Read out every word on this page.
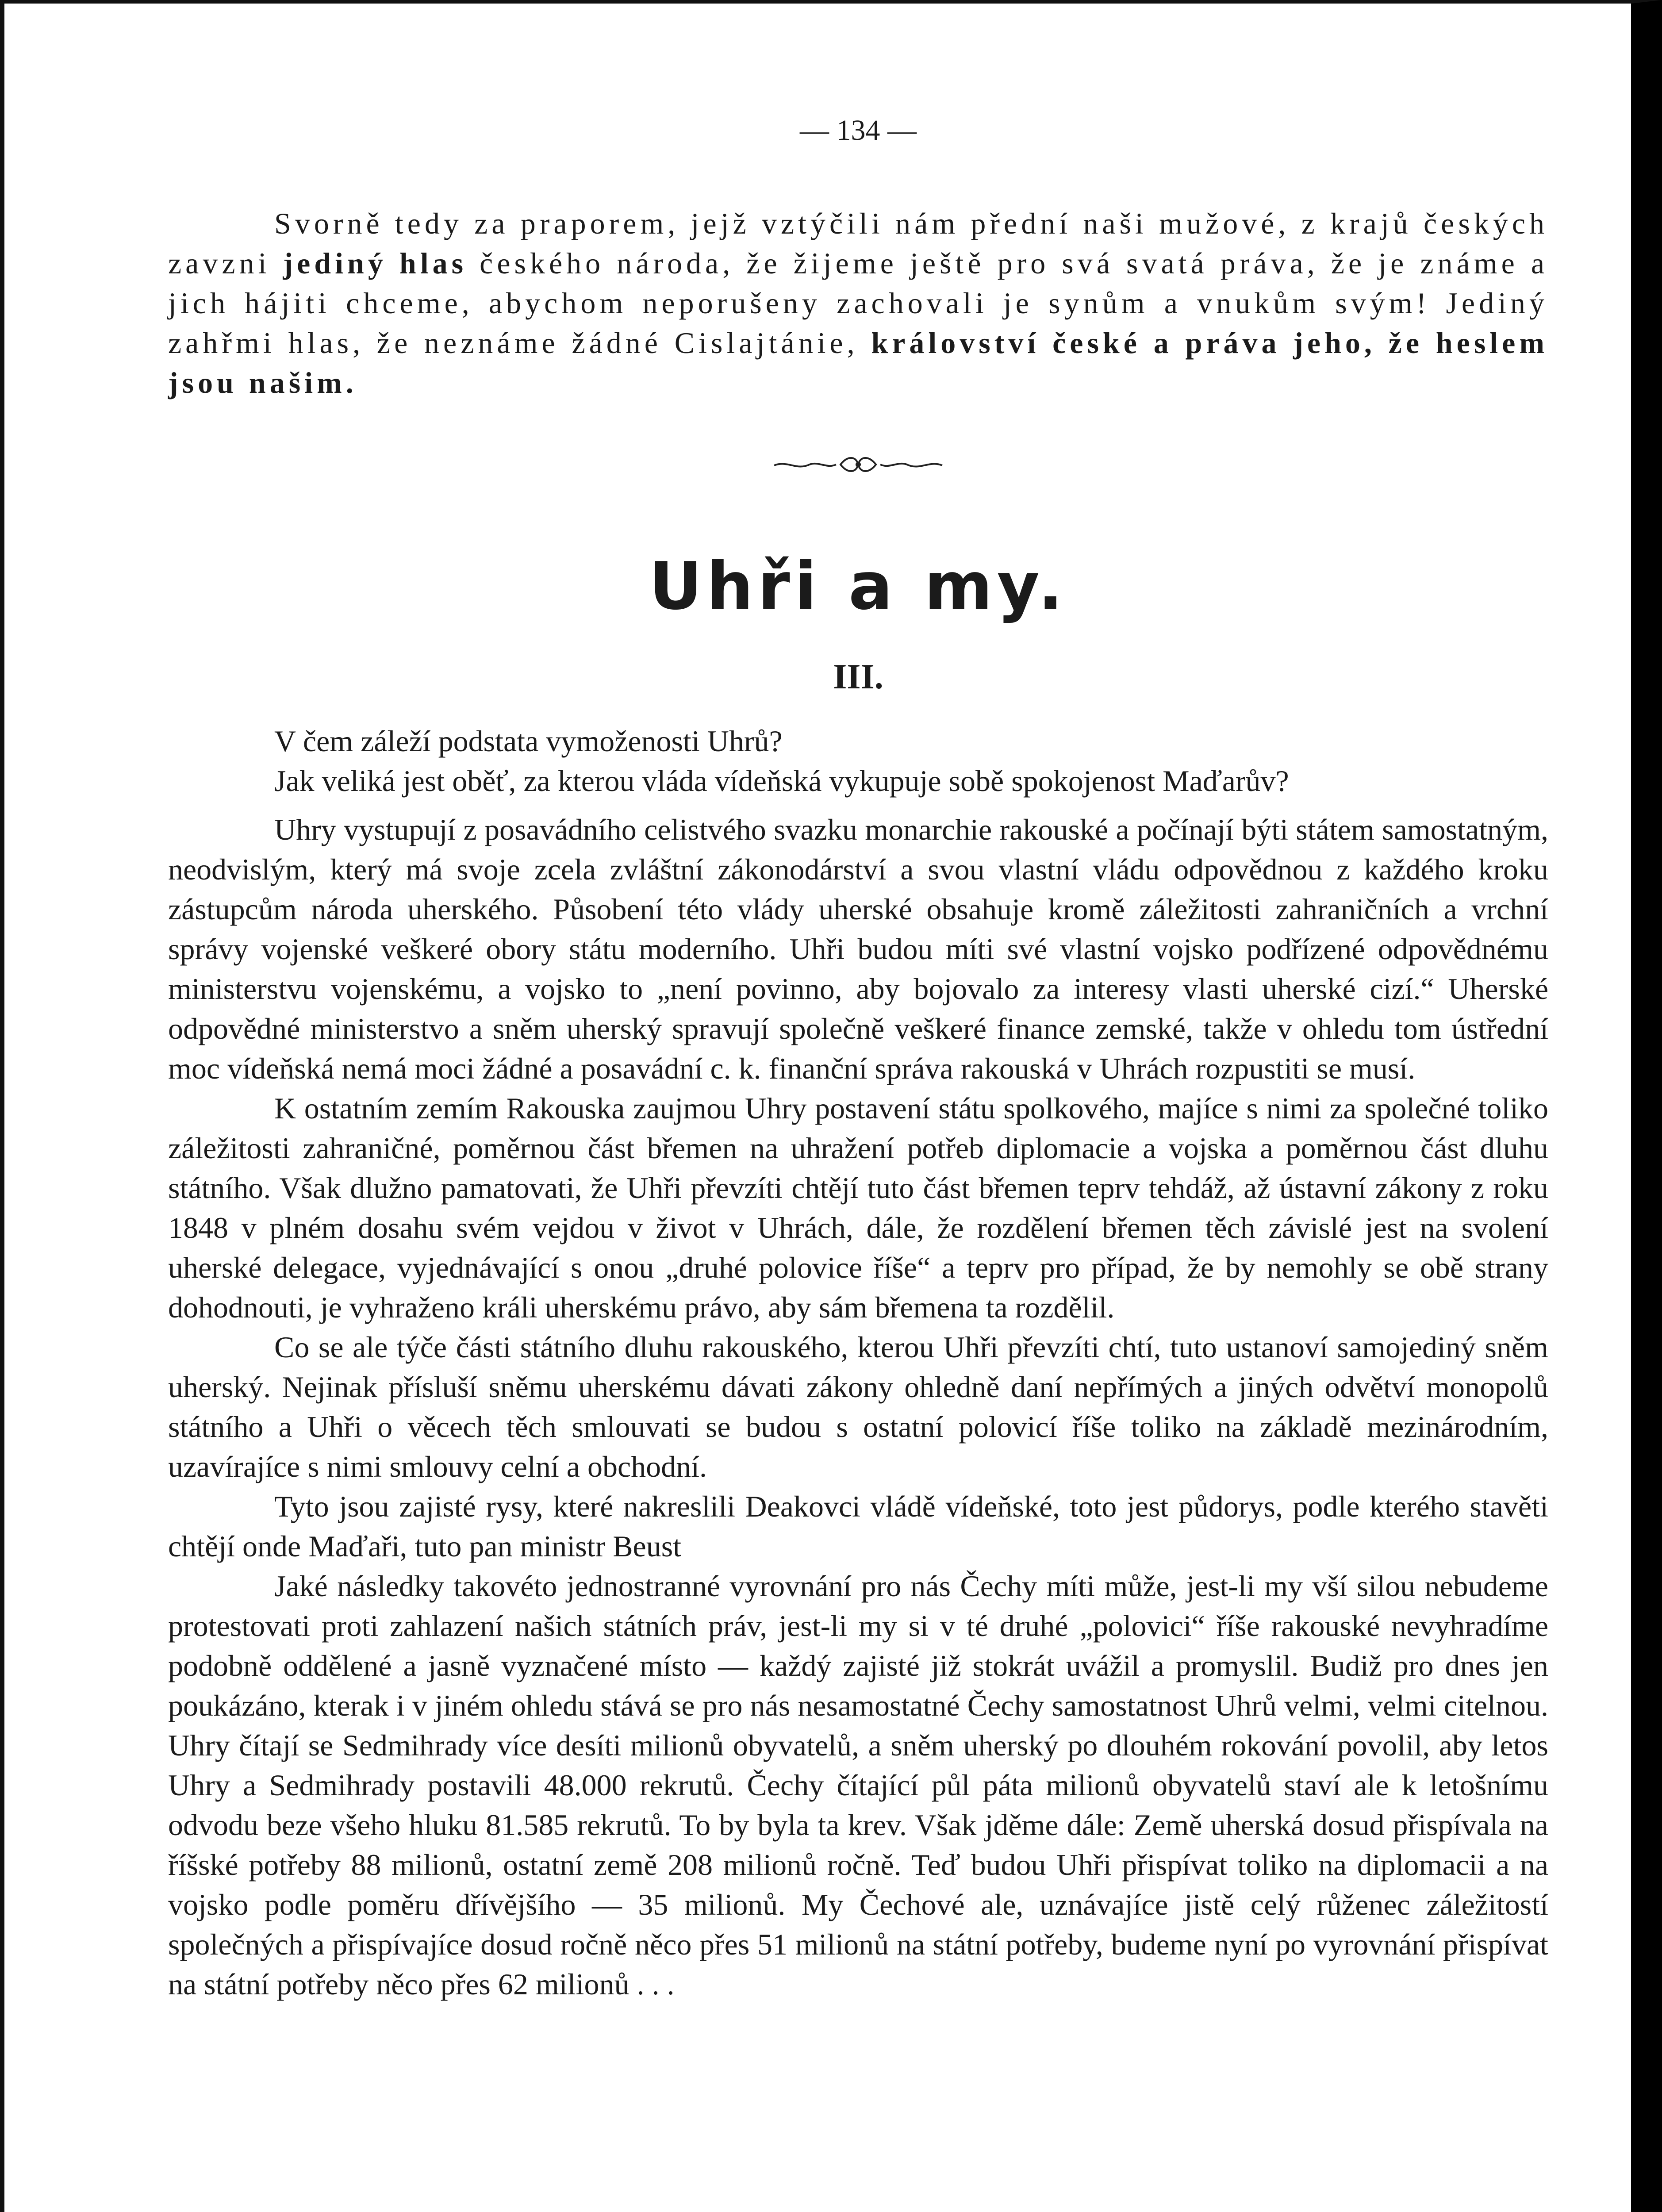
— 134 —

Svorně tedy za praporem, jejž vztýčili nám přední naši mužové, z krajů českých zavzni jediný hlas českého národa, že žijeme ještě pro svá svatá práva, že je známe a jich hájiti chceme, abychom neporušeny zachovali je synům a vnukům svým! Jediný zahřmi hlas, že neznáme žádné Cislajtánie, království české a práva jeho, že heslem jsou našim.

Uhři a my.
III.

V čem záleží podstata vymoženosti Uhrů?

Jak veliká jest oběť, za kterou vláda vídeňská vykupuje sobě spokojenost Maďarův?

Uhry vystupují z posavádního celistvého svazku monarchie rakouské a počínají býti státem samostatným, neodvislým, který má svoje zcela zvláštní zákonodárství a svou vlastní vládu odpovědnou z každého kroku zástupcům národa uherského. Působení této vlády uherské obsahuje kromě záležitosti zahraničních a vrchní správy vojenské veškeré obory státu moderního. Uhři budou míti své vlastní vojsko podřízené odpovědnému ministerstvu vojenskému, a vojsko to „není povinno, aby bojovalo za interesy vlasti uherské cizí.“ Uherské odpovědné ministerstvo a sněm uherský spravují společně veškeré finance zemské, takže v ohledu tom ústřední moc vídeňská nemá moci žádné a posavádní c. k. finanční správa rakouská v Uhrách rozpustiti se musí.

K ostatním zemím Rakouska zaujmou Uhry postavení státu spolkového, majíce s nimi za společné toliko záležitosti zahraničné, poměrnou část břemen na uhražení potřeb diplomacie a vojska a poměrnou část dluhu státního. Však dlužno pamatovati, že Uhři převzíti chtějí tuto část břemen teprv tehdáž, až ústavní zákony z roku 1848 v plném dosahu svém vejdou v život v Uhrách, dále, že rozdělení břemen těch závislé jest na svolení uherské delegace, vyjednávající s onou „druhé polovice říše“ a teprv pro případ, že by nemohly se obě strany dohodnouti, je vyhraženo králi uherskému právo, aby sám břemena ta rozdělil.

Co se ale týče části státního dluhu rakouského, kterou Uhři převzíti chtí, tuto ustanoví samojediný sněm uherský. Nejinak přísluší sněmu uherskému dávati zákony ohledně daní nepřímých a jiných odvětví monopolů státního a Uhři o věcech těch smlouvati se budou s ostatní polovicí říše toliko na základě mezinárodním, uzavírajíce s nimi smlouvy celní a obchodní.

Tyto jsou zajisté rysy, které nakreslili Deakovci vládě vídeňské, toto jest půdorys, podle kterého stavěti chtějí onde Maďaři, tuto pan ministr Beust

Jaké následky takovéto jednostranné vyrovnání pro nás Čechy míti může, jest-li my vší silou nebudeme protestovati proti zahlazení našich státních práv, jest-li my si v té druhé „polovici“ říše rakouské nevyhradíme podobně oddělené a jasně vyznačené místo — každý zajisté již stokrát uvážil a promyslil. Budiž pro dnes jen poukázáno, kterak i v jiném ohledu stává se pro nás nesamostatné Čechy samostatnost Uhrů velmi, velmi citelnou. Uhry čítají se Sedmihrady více desíti milionů obyvatelů, a sněm uherský po dlouhém rokování povolil, aby letos Uhry a Sedmihrady postavili 48.000 rekrutů. Čechy čítající půl páta milionů obyvatelů staví ale k letošnímu odvodu beze všeho hluku 81.585 rekrutů. To by byla ta krev. Však jděme dále: Země uherská dosud přispívala na říšské potřeby 88 milionů, ostatní země 208 milionů ročně. Teď budou Uhři přispívat toliko na diplomacii a na vojsko podle poměru dřívějšího — 35 milionů. My Čechové ale, uznávajíce jistě celý růženec záležitostí společných a přispívajíce dosud ročně něco přes 51 milionů na státní potřeby, budeme nyní po vyrovnání přispívat na státní potřeby něco přes 62 milionů . . .
